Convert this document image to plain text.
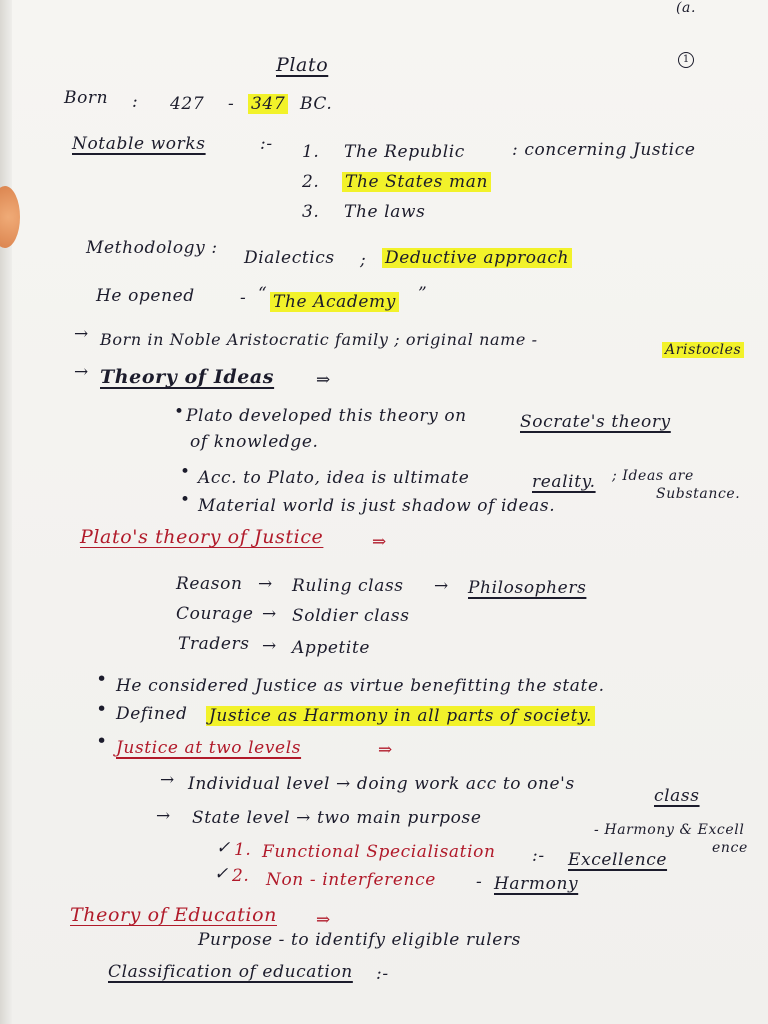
(a.
Plato	1
Born : 427 - 347 BC.
Notable works	:- 1. The Republic	: concerning Justice
2. The States man
3. The laws
Methodology : Dialectics ; Deductive approach
He opened	- “ The Academy ”
→ Born in Noble Aristocratic family ; original name -
Aristocles
→ Theory of Ideas ⇒
• Plato developed this theory on	Socrate's theory
of knowledge.
• Acc. to Plato, idea is ultimate	reality. ; Ideas are
Substance.
• Material world is just shadow of ideas.
Plato's theory of Justice	⇒
Reason → Ruling class → Philosophers
Courage → Soldier class
Traders → Appetite
• He considered Justice as virtue benefitting the state.
• Defined Justice as Harmony in all parts of society.
• Justice at two levels	⇒
→ Individual level → doing work acc to one's
class
→ State level → two main purpose
- Harmony & Excell
ence
✓ 1. Functional Specialisation :- Excellence
✓ 2. Non - interference - Harmony
Theory of Education ⇒
Purpose - to identify eligible rulers
Classification of education :-
